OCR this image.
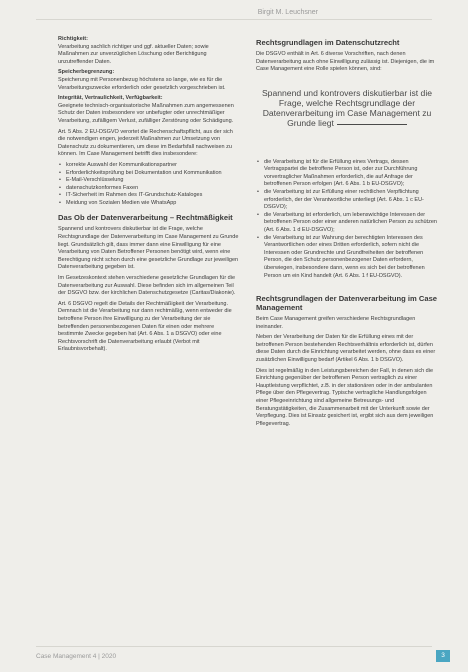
Birgit M. Leuchsner

Richtigkeit:
Verarbeitung sachlich richtiger und ggf. aktueller Daten; sowie Maßnahmen zur unverzüglichen Löschung oder Berichtigung unzutreffender Daten.

Speicherbegrenzung:
Speicherung mit Personenbezug höchstens so lange, wie es für die Verarbeitungszwecke erforderlich oder gesetzlich vorgeschrieben ist.

Integrität, Vertraulichkeit, Verfügbarkeit:
Geeignete technisch-organisatorische Maßnahmen zum angemessenen Schutz der Daten insbesondere vor unbefugter oder unrechtmäßiger Verarbeitung, zufälligem Verlust, zufälliger Zerstörung oder Schädigung.

Art. 5 Abs. 2 EU-DSGVO verortet die Rechenschaftspflicht, aus der sich die notwendigen engen, jederzeit Maßnahmen zur Umsetzung von Datenschutz zu dokumentieren, um diese im Bedarfsfall nachweisen zu können. Im Case Management betrifft dies insbesondere:

• korrekte Auswahl der Kommunikationspartner
• Erforderlichkeitsprüfung bei Dokumentation und Kommunikation
• E-Mail-Verschlüsselung
• datenschutzkonformes Faxen
• IT-Sicherheit im Rahmen des IT-Grundschutz-Kataloges
• Meidung von Sozialen Medien wie WhatsApp
Das Ob der Datenverarbeitung – Rechtmäßigkeit

Spannend und kontrovers diskutierbar ist die Frage, welche Rechtsgrundlage der Datenverarbeitung im Case Management zu Grunde liegt. Grundsätzlich gilt, dass immer dann eine Einwilligung für eine Verarbeitung von Daten Betroffener Personen benötigt wird, wenn eine Berechtigung nicht schon durch eine gesetzliche Grundlage zur jeweiligen Datenverarbeitung gegeben ist.

Im Gesetzeskontext stehen verschiedene gesetzliche Grundlagen für die Datenverarbeitung zur Auswahl. Diese befinden sich im allgemeinen Teil der DSGVO bzw. der kirchlichen Datenschutzgesetze (Caritas/Diakonie).

Art. 6 DSGVO regelt die Details der Rechtmäßigkeit der Verarbeitung. Demnach ist die Verarbeitung nur dann rechtmäßig, wenn entweder die betroffene Person ihre Einwilligung zu der Verarbeitung der sie betreffenden personenbezogenen Daten für einen oder mehrere bestimmte Zwecke gegeben hat (Art. 6 Abs. 1 a DSGVO) oder eine Rechtsvorschrift die Datenverarbeitung erlaubt (Verbot mit Erlaubnisvorbehalt).

Rechtsgrundlagen im Datenschutzrecht

Die DSGVO enthält in Art. 6 diverse Vorschriften, nach denen Datenverarbeitung auch ohne Einwilligung zulässig ist. Diejenigen, die im Case Management eine Rolle spielen können, sind:

Spannend und kontrovers diskutierbar ist die Frage, welche Rechtsgrundlage der Datenverarbeitung im Case Management zu Grunde liegt
• die Verarbeitung ist für die Erfüllung eines Vertrags, dessen Vertragspartei die betroffene Person ist, oder zur Durchführung vorvertraglicher Maßnahmen erforderlich, die auf Anfrage der betroffenen Person erfolgen (Art. 6 Abs. 1 b EU-DSGVO);
• die Verarbeitung ist zur Erfüllung einer rechtlichen Verpflichtung erforderlich, der der Verantwortliche unterliegt (Art. 6 Abs. 1 c EU-DSGVO);
• die Verarbeitung ist erforderlich, um lebenswichtige Interessen der betroffenen Person oder einer anderen natürlichen Person zu schützen (Art. 6 Abs. 1 d EU-DSGVO);
• die Verarbeitung ist zur Wahrung der berechtigten Interessen des Verantwortlichen oder eines Dritten erforderlich, sofern nicht die Interessen oder Grundrechte und Grundfreiheiten der betroffenen Person, die den Schutz personenbezogener Daten erfordern, überwiegen, insbesondere dann, wenn es sich bei der betroffenen Person um ein Kind handelt (Art. 6 Abs. 1 f EU-DSGVO).
Rechtsgrundlagen der Datenverarbeitung im Case Management

Beim Case Management greifen verschiedene Rechtsgrundlagen ineinander.

Neben der Verarbeitung der Daten für die Erfüllung eines mit der betroffenen Person bestehenden Rechtsverhältnis erforderlich ist, dürfen diese Daten durch die Einrichtung verarbeitet werden, ohne dass es einer zusätzlichen Einwilligung bedarf (Artikel 6 Abs. 1 b DSGVO).

Dies ist regelmäßig in den Leistungsbereichen der Fall, in denen sich die Einrichtung gegenüber der betroffenen Person vertraglich zu einer Hauptleistung verpflichtet, z.B. in der stationären oder in der ambulanten Pflege über den Pflegevertrag. Typische vertragliche Handlungsfolgen einer Pflegeeinrichtung sind allgemeine Betreuungs- und Beratungstätigkeiten, die Zusammenarbeit mit der Unterkunft sowie der Verpflegung. Dies ist Einsatz gesichert ist, ergibt sich aus dem jeweiligen Pflegevertrag.

Case Management 4 | 2020	3
